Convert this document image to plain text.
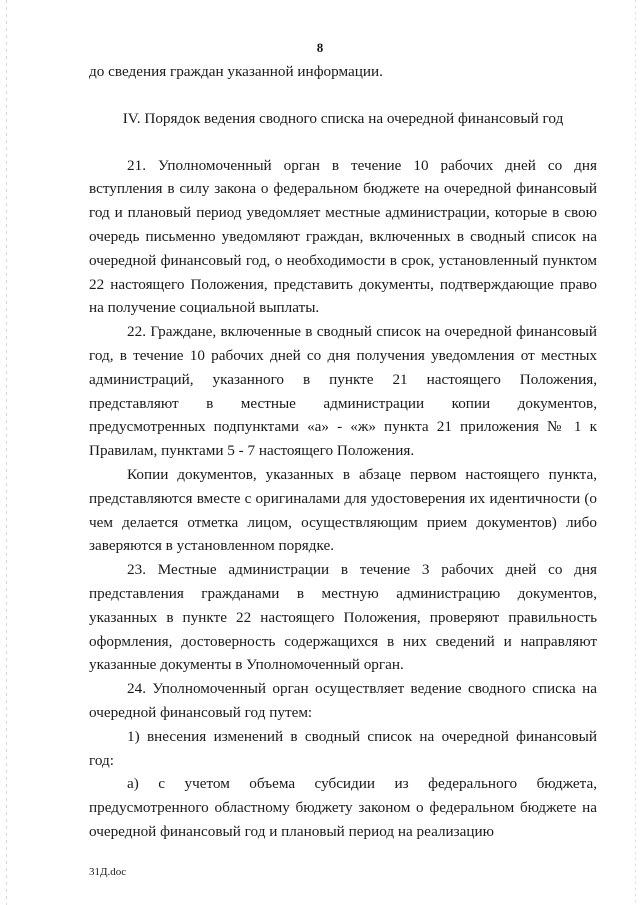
8

до сведения граждан указанной информации.

IV. Порядок ведения сводного списка на очередной финансовый год

21. Уполномоченный орган в течение 10 рабочих дней со дня вступления в силу закона о федеральном бюджете на очередной финансовый год и плановый период уведомляет местные администрации, которые в свою очередь письменно уведомляют граждан, включенных в сводный список на очередной финансовый год, о необходимости в срок, установленный пунктом 22 настоящего Положения, представить документы, подтверждающие право на получение социальной выплаты.

22. Граждане, включенные в сводный список на очередной финансовый год, в течение 10 рабочих дней со дня получения уведомления от местных администраций, указанного в пункте 21 настоящего Положения, представляют в местные администрации копии документов, предусмотренных подпунктами «а» - «ж» пункта 21 приложения № 1 к Правилам, пунктами 5 - 7 настоящего Положения.

Копии документов, указанных в абзаце первом настоящего пункта, представляются вместе с оригиналами для удостоверения их идентичности (о чем делается отметка лицом, осуществляющим прием документов) либо заверяются в установленном порядке.

23. Местные администрации в течение 3 рабочих дней со дня представления гражданами в местную администрацию документов, указанных в пункте 22 настоящего Положения, проверяют правильность оформления, достоверность содержащихся в них сведений и направляют указанные документы в Уполномоченный орган.

24. Уполномоченный орган осуществляет ведение сводного списка на очередной финансовый год путем:

1) внесения изменений в сводный список на очередной финансовый год:

а) с учетом объема субсидии из федерального бюджета, предусмотренного областному бюджету законом о федеральном бюджете на очередной финансовый год и плановый период на реализацию

31Д.doc
